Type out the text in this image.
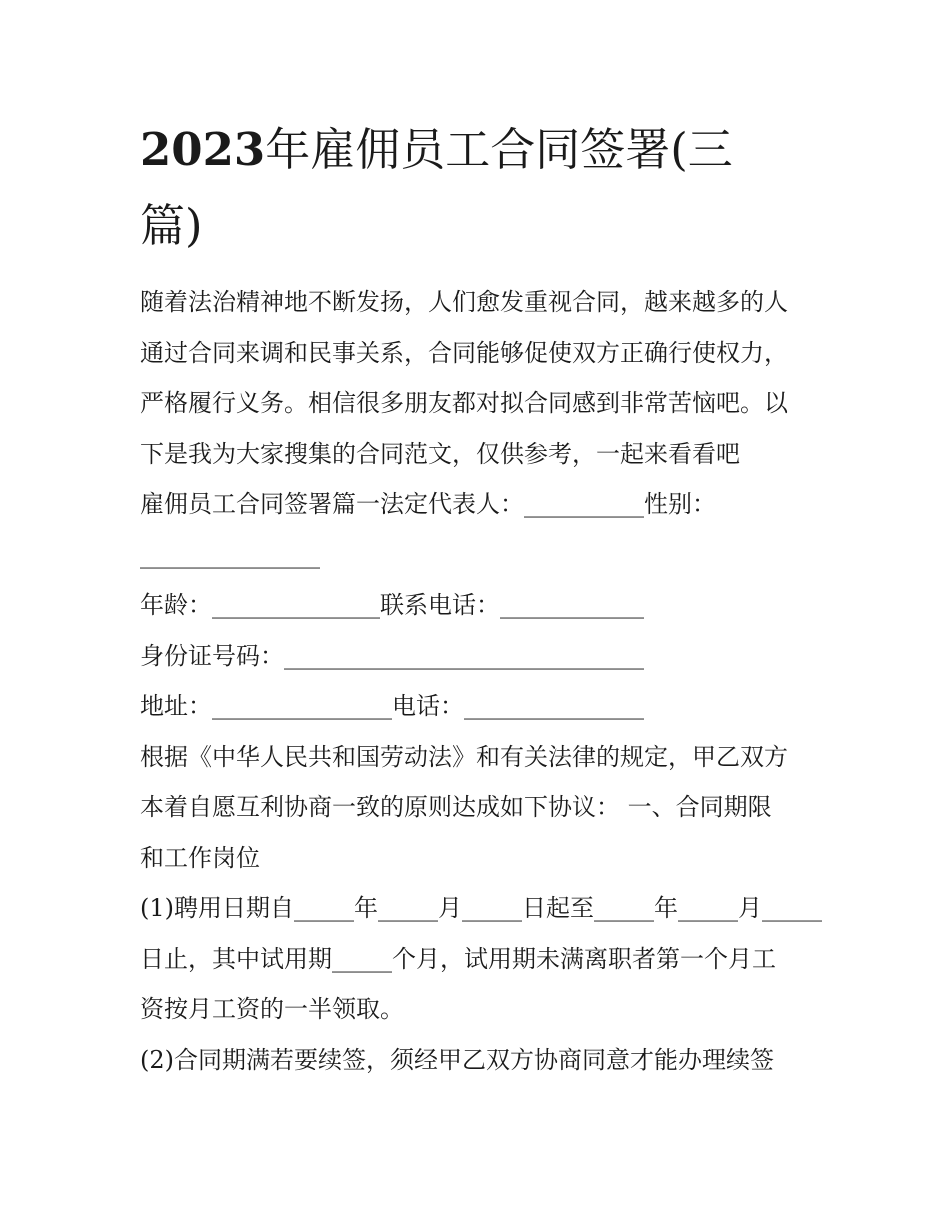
2023年雇佣员工合同签署(三
篇)
随着法治精神地不断发扬，人们愈发重视合同，越来越多的人
通过合同来调和民事关系，合同能够促使双方正确行使权力，
严格履行义务。相信很多朋友都对拟合同感到非常苦恼吧。以
下是我为大家搜集的合同范文，仅供参考，一起来看看吧
雇佣员工合同签署篇一法定代表人：__________性别：
_______________
年龄：______________联系电话：____________
身份证号码：______________________________
地址：_______________电话：_______________
根据《中华人民共和国劳动法》和有关法律的规定，甲乙双方
本着自愿互利协商一致的原则达成如下协议： 一、合同期限
和工作岗位
(1)聘用日期自_____年_____月_____日起至_____年_____月_____
日止，其中试用期_____个月，试用期未满离职者第一个月工
资按月工资的一半领取。
(2)合同期满若要续签，须经甲乙双方协商同意才能办理续签
